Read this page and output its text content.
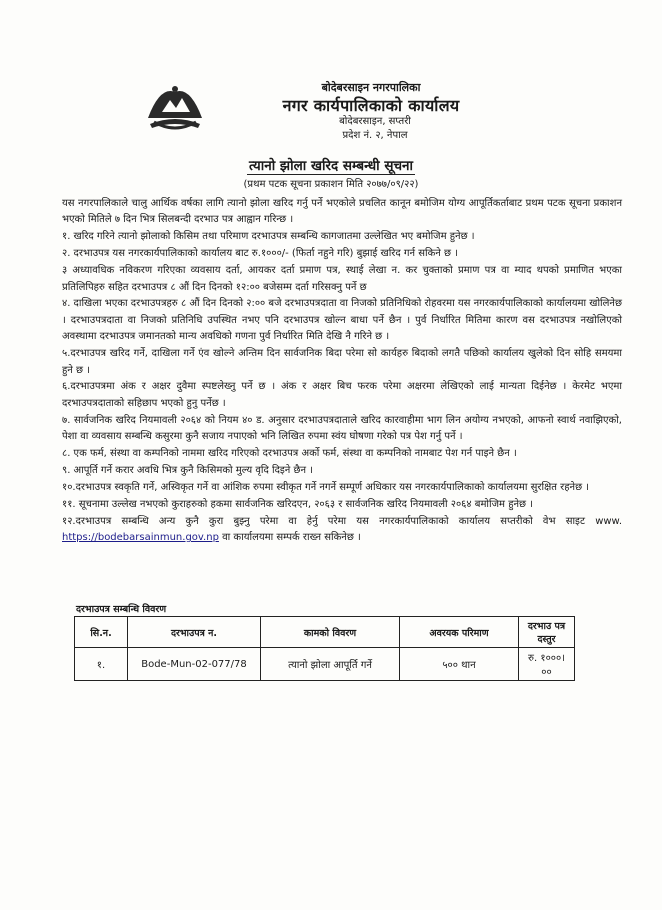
बोदेबरसाइन नगरपालिका
नगर कार्यपालिकाको कार्यालय
बोदेबरसाइन, सप्तरी
प्रदेश नं. २, नेपाल
त्यानो झोला खरिद सम्बन्धी सूचना
(प्रथम पटक सूचना प्रकाशन मिति २०७७/०९/२२)

यस नगरपालिकाले चालु आर्थिक वर्षका लागि त्यानो झोला खरिद गर्नु पर्ने भएकोले प्रचलित कानून बमोजिम योग्य आपूर्तिकर्ताबाट प्रथम पटक सूचना प्रकाशन भएको मितिले ७ दिन भित्र सिलबन्दी दरभाउ पत्र आह्वान गरिन्छ ।

१. खरिद गरिने त्यानो झोलाको किसिम तथा परिमाण दरभाउपत्र सम्बन्धि कागजातमा उल्लेखित भए बमोजिम हुनेछ ।

२. दरभाउपत्र यस नगरकार्यपालिकाको कार्यालय बाट रु.१०००/- (फिर्ता नहुने गरि) बुझाई खरिद गर्न सकिने छ ।

३ अध्यावधिक नविकरण गरिएका व्यवसाय दर्ता, आयकर दर्ता प्रमाण पत्र, स्थाई लेखा न. कर चुक्ताको प्रमाण पत्र वा म्याद थपको प्रमाणित भएका प्रतिलिपिहरु सहित दरभाउपत्र ८ औं दिन दिनको १२:०० बजेसम्म दर्ता गरिसक्नु पर्ने छ

४. दाखिला भएका दरभाउपत्रहरु ८ औं दिन दिनको २:०० बजे दरभाउपत्रदाता वा निजको प्रतिनिधिको रोहवरमा यस नगरकार्यपालिकाको कार्यालयमा खोलिनेछ । दरभाउपत्रदाता वा निजको प्रतिनिधि उपस्थित नभए पनि दरभाउपत्र खोल्न बाधा पर्ने छैन । पुर्व निर्धारित मितिमा कारण वस दरभाउपत्र नखोलिएको अवस्थामा दरभाउपत्र जमानतको मान्य अवधिको गणना पुर्व निर्धारित मिति देखि नै गरिने छ ।

५.दरभाउपत्र खरिद गर्ने, दाखिला गर्ने एंव खोल्ने अन्तिम दिन सार्वजनिक बिदा परेमा सो कार्यहरु बिदाको लगतै पछिको कार्यालय खुलेको दिन सोहि समयमा हुने छ ।

६.दरभाउपत्रमा अंक र अक्षर दुवैमा स्पष्टलेख्नु पर्ने छ । अंक र अक्षर बिच फरक परेमा अक्षरमा लेखिएको लाई मान्यता दिईनेछ । केरमेट भएमा दरभाउपत्रदाताको सहिछाप भएको हुनु पर्नेछ ।

७. सार्वजनिक खरिद नियमावली २०६४ को नियम ४० ड. अनुसार दरभाउपत्रदाताले खरिद कारवाहीमा भाग लिन अयोग्य नभएको, आफनो स्वार्थ नवाझिएको, पेशा वा व्यवसाय सम्बन्धि कसुरमा कुनै सजाय नपाएको भनि लिखित रुपमा स्वंय घोषणा गरेको पत्र पेश गर्नु पर्ने ।

८. एक फर्म, संस्था वा कम्पनिको नाममा खरिद गरिएको दरभाउपत्र अर्को फर्म, संस्था वा कम्पनिको नामबाट पेश गर्न पाइने छैन ।

९. आपूर्ति गर्ने करार अवधि भित्र कुनै किसिमको मुल्य वृदि दिइने छैन ।

१०.दरभाउपत्र स्वकृति गर्ने, अस्विकृत गर्ने वा आंशिक रुपमा स्वीकृत गर्ने नगर्ने सम्पूर्ण अधिकार यस नगरकार्यपालिकाको कार्यालयमा सुरक्षित रहनेछ ।

११. सूचनामा उल्लेख नभएको कुराहरुको हकमा सार्वजनिक खरिदएन, २०६३ र सार्वजनिक खरिद नियमावली २०६४ बमोजिम हुनेछ ।

१२.दरभाउपत्र सम्बन्धि अन्य कुनै कुरा बुझ्नु परेमा वा हेर्नु परेमा यस नगरकार्यपालिकाको कार्यालय सप्तरीको वेभ साइट www. https://bodebarsainmun.gov.np वा कार्यालयमा सम्पर्क राख्न सकिनेछ ।

दरभाउपत्र सम्बन्धि विवरण
सि.न.	दरभाउपत्र न.	कामको विवरण	अवरयक परिमाण	दरभाउ पत्र दस्तुर
१.	Bode-Mun-02-077/78	त्यानो झोला आपूर्ति गर्ने	५०० थान	रु. १०००।००
